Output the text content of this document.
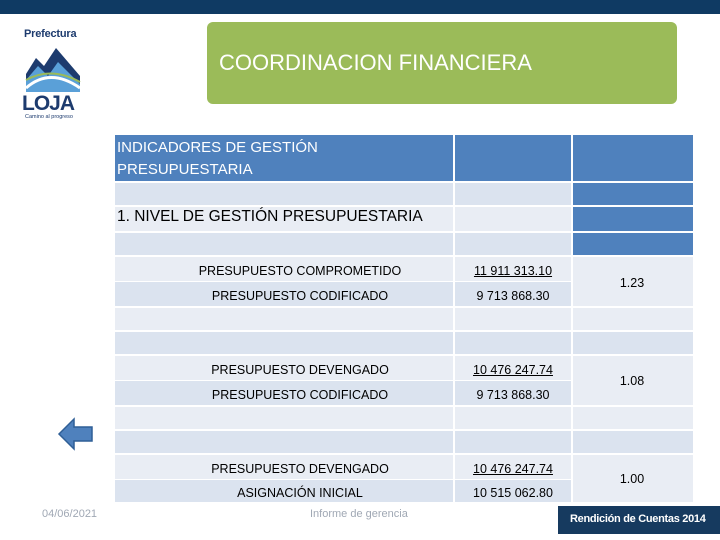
Prefectura
LOJA
Camino al progreso
COORDINACION FINANCIERA
INDICADORES DE GESTIÓN
PRESUPUESTARIA
1. NIVEL DE GESTIÓN PRESUPUESTARIA
PRESUPUESTO COMPROMETIDO	11 911 313.10
PRESUPUESTO CODIFICADO	9 713 868.30
1.23
PRESUPUESTO DEVENGADO	10 476 247.74
PRESUPUESTO CODIFICADO	9 713 868.30
1.08
PRESUPUESTO DEVENGADO	10 476 247.74
ASIGNACIÓN INICIAL	10 515 062.80
1.00
04/06/2021	Informe de gerencia	Rendición de Cuentas 2014
